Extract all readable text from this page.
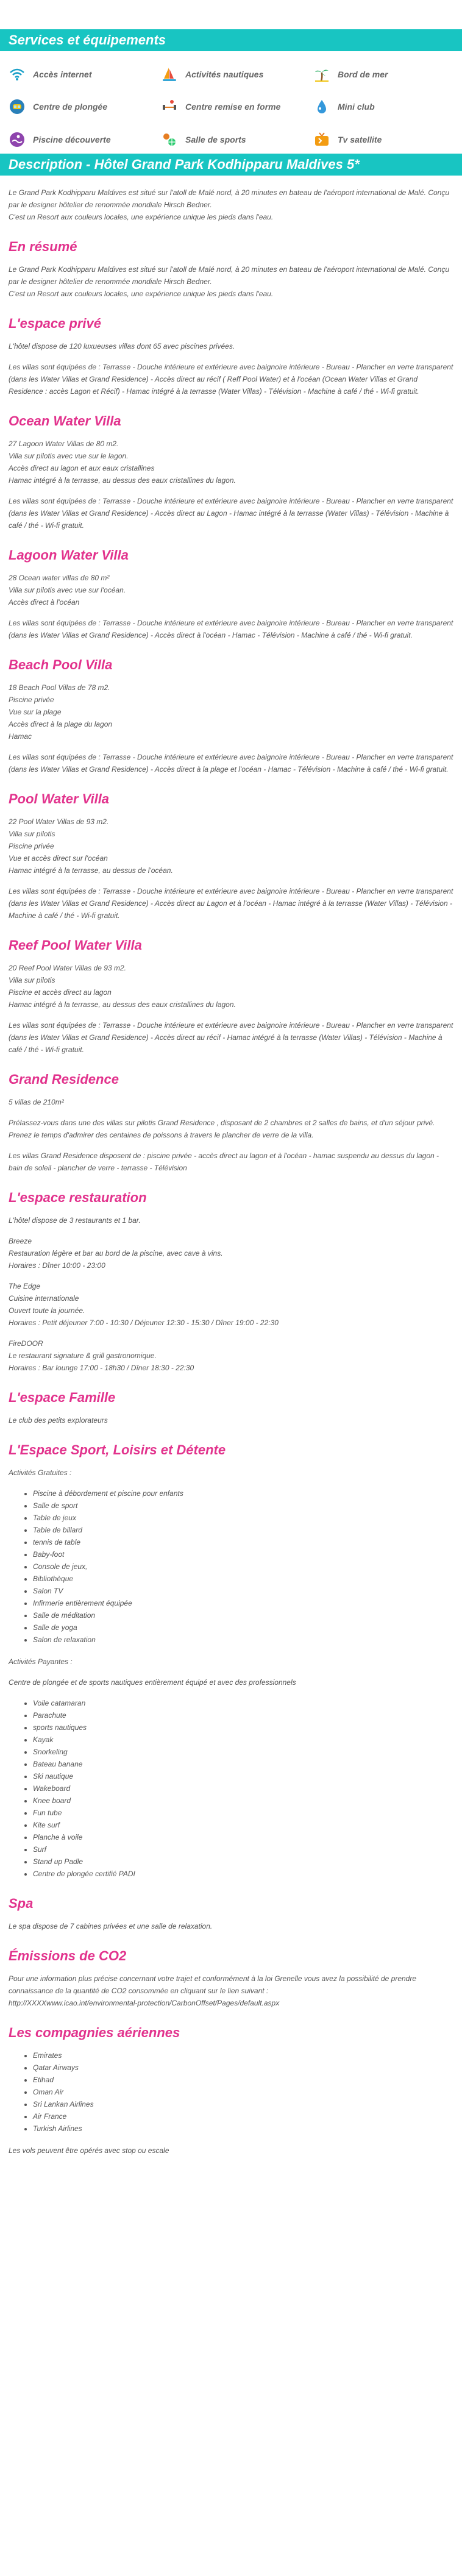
Services et équipements
Accès internet	Activités nautiques	Bord de mer
Centre de plongée	Centre remise en forme	Mini club
Piscine découverte	Salle de sports	Tv satellite
Description - Hôtel Grand Park Kodhipparu Maldives 5*

Le Grand Park Kodhipparu Maldives est situé sur l'atoll de Malé nord, à 20 minutes en bateau de l'aéroport international de Malé. Conçu par le designer hôtelier de renommée mondiale Hirsch Bedner.
C'est un Resort aux couleurs locales, une expérience unique les pieds dans l'eau.

En résumé

Le Grand Park Kodhipparu Maldives est situé sur l'atoll de Malé nord, à 20 minutes en bateau de l'aéroport international de Malé. Conçu par le designer hôtelier de renommée mondiale Hirsch Bedner.
C'est un Resort aux couleurs locales, une expérience unique les pieds dans l'eau.

L'espace privé

L'hôtel dispose de 120 luxueuses villas dont 65 avec piscines privées.

Les villas sont équipées de : Terrasse - Douche intérieure et extérieure avec baignoire intérieure - Bureau - Plancher en verre transparent (dans les Water Villas et Grand Residence) - Accès direct au récif ( Reff Pool Water) et à l'océan (Ocean Water Villas et Grand Residence : accès Lagon et Récif) - Hamac intégré à la terrasse (Water Villas) - Télévision - Machine à café / thé - Wi-fi gratuit.

Ocean Water Villa

27 Lagoon Water Villas de 80 m2.
Villa sur pilotis avec vue sur le lagon.
Accès direct au lagon et aux eaux cristallines
Hamac intégré à la terrasse, au dessus des eaux cristallines du lagon.

Les villas sont équipées de : Terrasse - Douche intérieure et extérieure avec baignoire intérieure - Bureau - Plancher en verre transparent (dans les Water Villas et Grand Residence) - Accès direct au Lagon - Hamac intégré à la terrasse (Water Villas) - Télévision - Machine à café / thé - Wi-fi gratuit.

Lagoon Water Villa

28 Ocean water villas de 80 m²
Villa sur pilotis avec vue sur l'océan.
Accès direct à l'océan

Les villas sont équipées de : Terrasse - Douche intérieure et extérieure avec baignoire intérieure - Bureau - Plancher en verre transparent (dans les Water Villas et Grand Residence) - Accès direct à l'océan - Hamac - Télévision - Machine à café / thé - Wi-fi gratuit.

Beach Pool Villa

18 Beach Pool Villas de 78 m2.
Piscine privée
Vue sur la plage
Accès direct à la plage du lagon
Hamac

Les villas sont équipées de : Terrasse - Douche intérieure et extérieure avec baignoire intérieure - Bureau - Plancher en verre transparent (dans les Water Villas et Grand Residence) - Accès direct à la plage et l'océan - Hamac - Télévision - Machine à café / thé - Wi-fi gratuit.

Pool Water Villa

22 Pool Water Villas de 93 m2.
Villa sur pilotis
Piscine privée
Vue et accès direct sur l'océan
Hamac intégré à la terrasse, au dessus de l'océan.

Les villas sont équipées de : Terrasse - Douche intérieure et extérieure avec baignoire intérieure - Bureau - Plancher en verre transparent (dans les Water Villas et Grand Residence) - Accès direct au Lagon et à l'océan - Hamac intégré à la terrasse (Water Villas) - Télévision - Machine à café / thé - Wi-fi gratuit.

Reef Pool Water Villa

20 Reef Pool Water Villas de 93 m2.
Villa sur pilotis
Piscine et accès direct au lagon
Hamac intégré à la terrasse, au dessus des eaux cristallines du lagon.

Les villas sont équipées de : Terrasse - Douche intérieure et extérieure avec baignoire intérieure - Bureau - Plancher en verre transparent (dans les Water Villas et Grand Residence) - Accès direct au récif - Hamac intégré à la terrasse (Water Villas) - Télévision - Machine à café / thé - Wi-fi gratuit.

Grand Residence

5 villas de 210m²

Prélassez-vous dans une des villas sur pilotis Grand Residence , disposant de 2 chambres et 2 salles de bains, et d'un séjour privé. Prenez le temps d'admirer des centaines de poissons à travers le plancher de verre de la villa.

Les villas Grand Residence disposent de : piscine privée - accès direct au lagon et à l'océan - hamac suspendu au dessus du lagon - bain de soleil - plancher de verre - terrasse - Télévision

L'espace restauration

L'hôtel dispose de 3 restaurants et 1 bar.

Breeze
Restauration légère et bar au bord de la piscine, avec cave à vins.
Horaires : Dîner 10:00 - 23:00

The Edge
Cuisine internationale
Ouvert toute la journée.
Horaires : Petit déjeuner 7:00 - 10:30 / Déjeuner 12:30 - 15:30 / Dîner 19:00 - 22:30

FireDOOR
Le restaurant signature & grill gastronomique.
Horaires : Bar lounge 17:00 - 18h30 / Dîner 18:30 - 22:30

L'espace Famille

Le club des petits explorateurs

L'Espace Sport, Loisirs et Détente

Activités Gratuites :

• Piscine à débordement et piscine pour enfants
• Salle de sport
• Table de jeux
• Table de billard
• tennis de table
• Baby-foot
• Console de jeux,
• Bibliothèque
• Salon TV
• Infirmerie entièrement équipée
• Salle de méditation
• Salle de yoga
• Salon de relaxation

Activités Payantes :

Centre de plongée et de sports nautiques entièrement équipé et avec des professionnels

• Voile catamaran
• Parachute
• sports nautiques
• Kayak
• Snorkeling
• Bateau banane
• Ski nautique
• Wakeboard
• Knee board
• Fun tube
• Kite surf
• Planche à voile
• Surf
• Stand up Padle
• Centre de plongée certifié PADI
Spa

Le spa dispose de 7 cabines privées et une salle de relaxation.

Émissions de CO2

Pour une information plus précise concernant votre trajet et conformément à la loi Grenelle vous avez la possibilité de prendre connaissance de la quantité de CO2 consommée en cliquant sur le lien suivant :
http://XXXXwww.icao.int/environmental-protection/CarbonOffset/Pages/default.aspx

Les compagnies aériennes
• Emirates
• Qatar Airways
• Etihad
• Oman Air
• Sri Lankan Airlines
• Air France
• Turkish Airlines

Les vols peuvent être opérés avec stop ou escale
